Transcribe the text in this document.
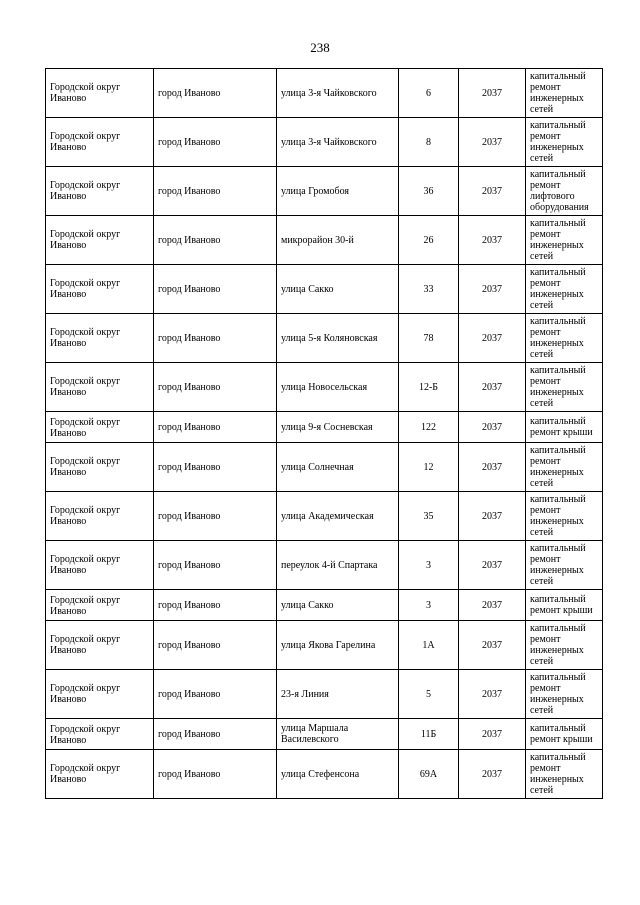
238
Городской округ Иваново	город Иваново	улица 3-я Чайковского	6	2037	капитальный ремонт инженерных сетей
Городской округ Иваново	город Иваново	улица 3-я Чайковского	8	2037	капитальный ремонт инженерных сетей
Городской округ Иваново	город Иваново	улица Громобоя	36	2037	капитальный ремонт лифтового оборудования
Городской округ Иваново	город Иваново	микрорайон 30-й	26	2037	капитальный ремонт инженерных сетей
Городской округ Иваново	город Иваново	улица Сакко	33	2037	капитальный ремонт инженерных сетей
Городской округ Иваново	город Иваново	улица 5-я Коляновская	78	2037	капитальный ремонт инженерных сетей
Городской округ Иваново	город Иваново	улица Новосельская	12-Б	2037	капитальный ремонт инженерных сетей
Городской округ Иваново	город Иваново	улица 9-я Сосневская	122	2037	капитальный ремонт крыши
Городской округ Иваново	город Иваново	улица Солнечная	12	2037	капитальный ремонт инженерных сетей
Городской округ Иваново	город Иваново	улица Академическая	35	2037	капитальный ремонт инженерных сетей
Городской округ Иваново	город Иваново	переулок 4-й Спартака	3	2037	капитальный ремонт инженерных сетей
Городской округ Иваново	город Иваново	улица Сакко	3	2037	капитальный ремонт крыши
Городской округ Иваново	город Иваново	улица Якова Гарелина	1А	2037	капитальный ремонт инженерных сетей
Городской округ Иваново	город Иваново	23-я Линия	5	2037	капитальный ремонт инженерных сетей
Городской округ Иваново	город Иваново	улица Маршала Василевского	11Б	2037	капитальный ремонт крыши
Городской округ Иваново	город Иваново	улица Стефенсона	69А	2037	капитальный ремонт инженерных сетей
